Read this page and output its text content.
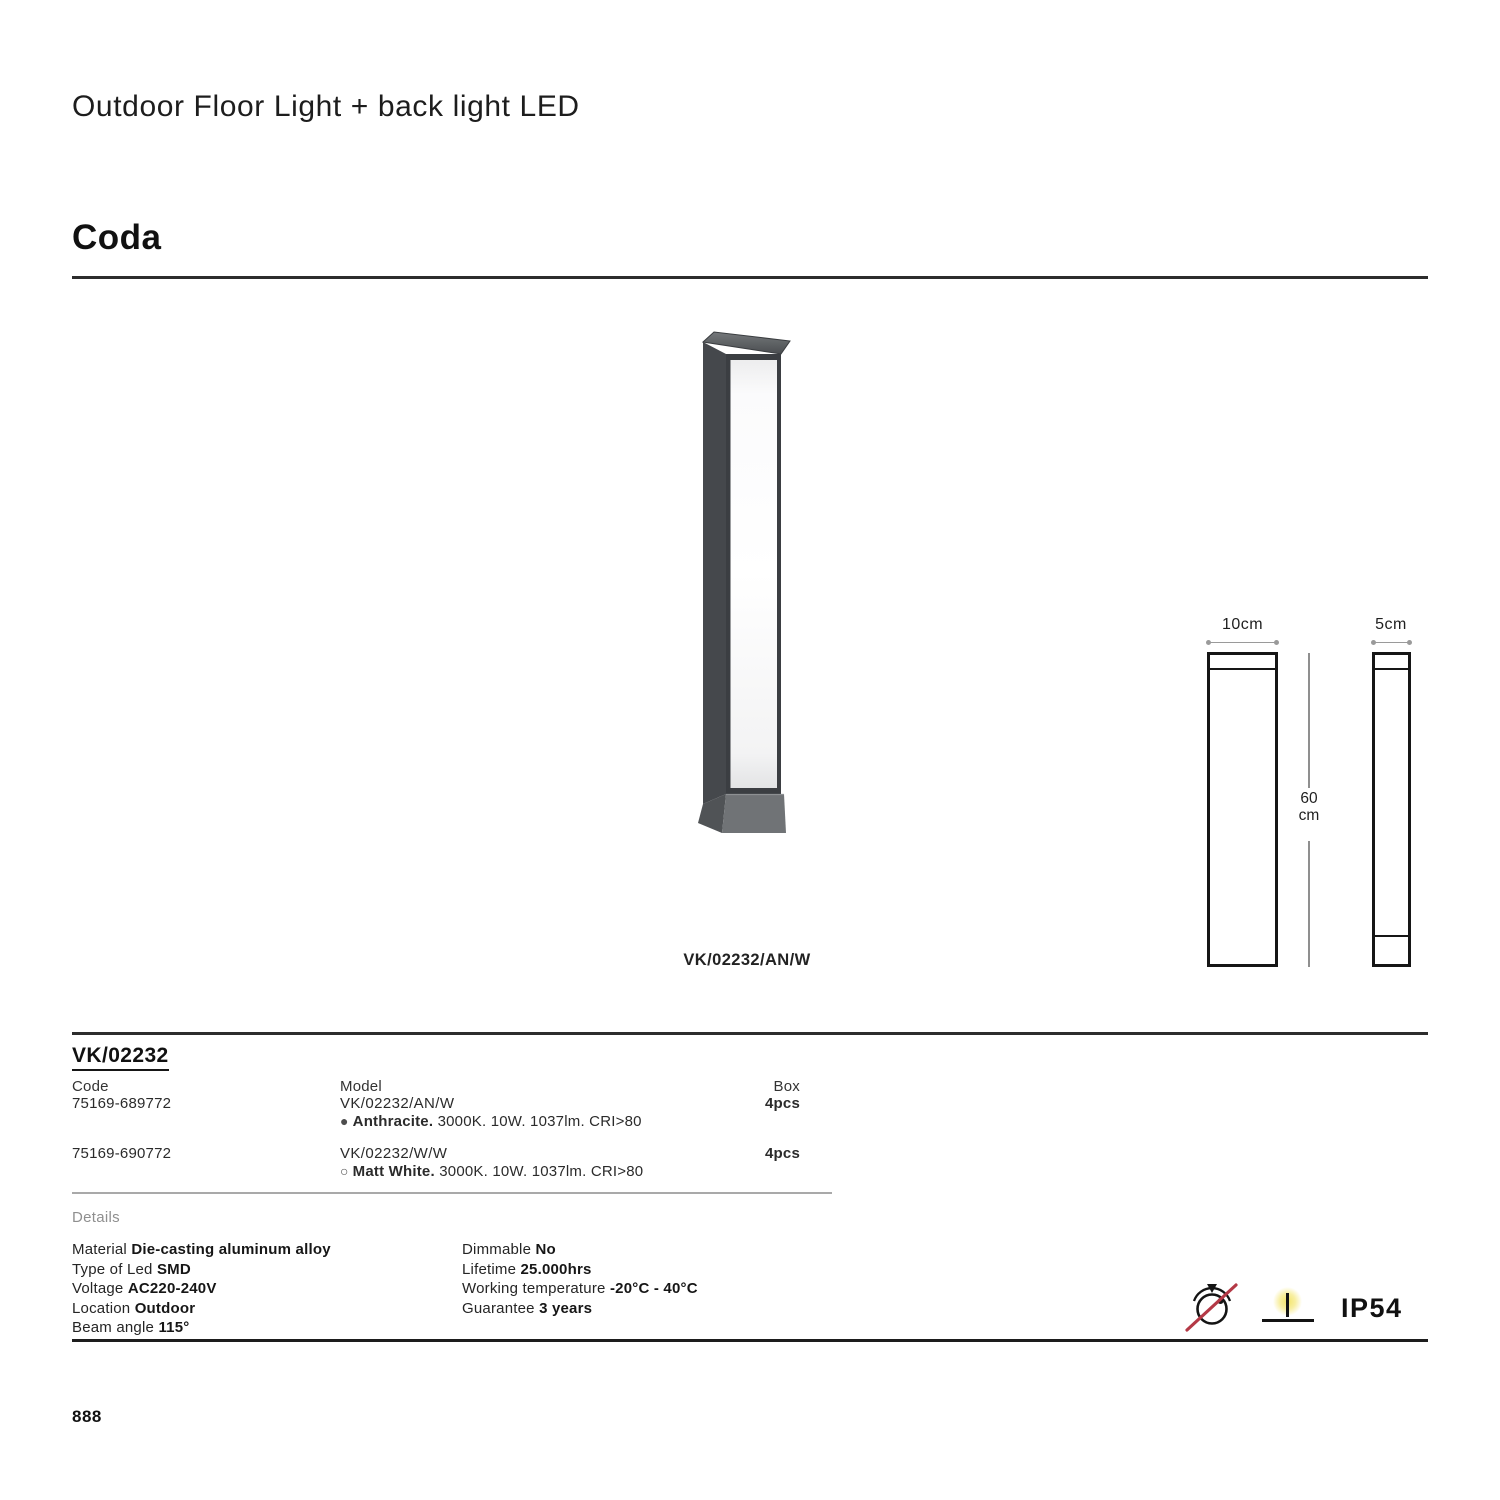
Outdoor Floor Light + back light LED
Coda
VK/02232/AN/W
10cm	5cm
60
cm
VK/02232
Code	Model	Box
75169-689772	VK/02232/AN/W	4pcs
● Anthracite. 3000K. 10W. 1037lm. CRI>80
75169-690772	VK/02232/W/W	4pcs
○ Matt White. 3000K. 10W. 1037lm. CRI>80
Details
Material Die-casting aluminum alloy
Type of Led SMD
Voltage AC220-240V
Location Outdoor
Beam angle 115°
Dimmable No
Lifetime 25.000hrs
Working temperature -20°C - 40°C
Guarantee 3 years	IP54
888
